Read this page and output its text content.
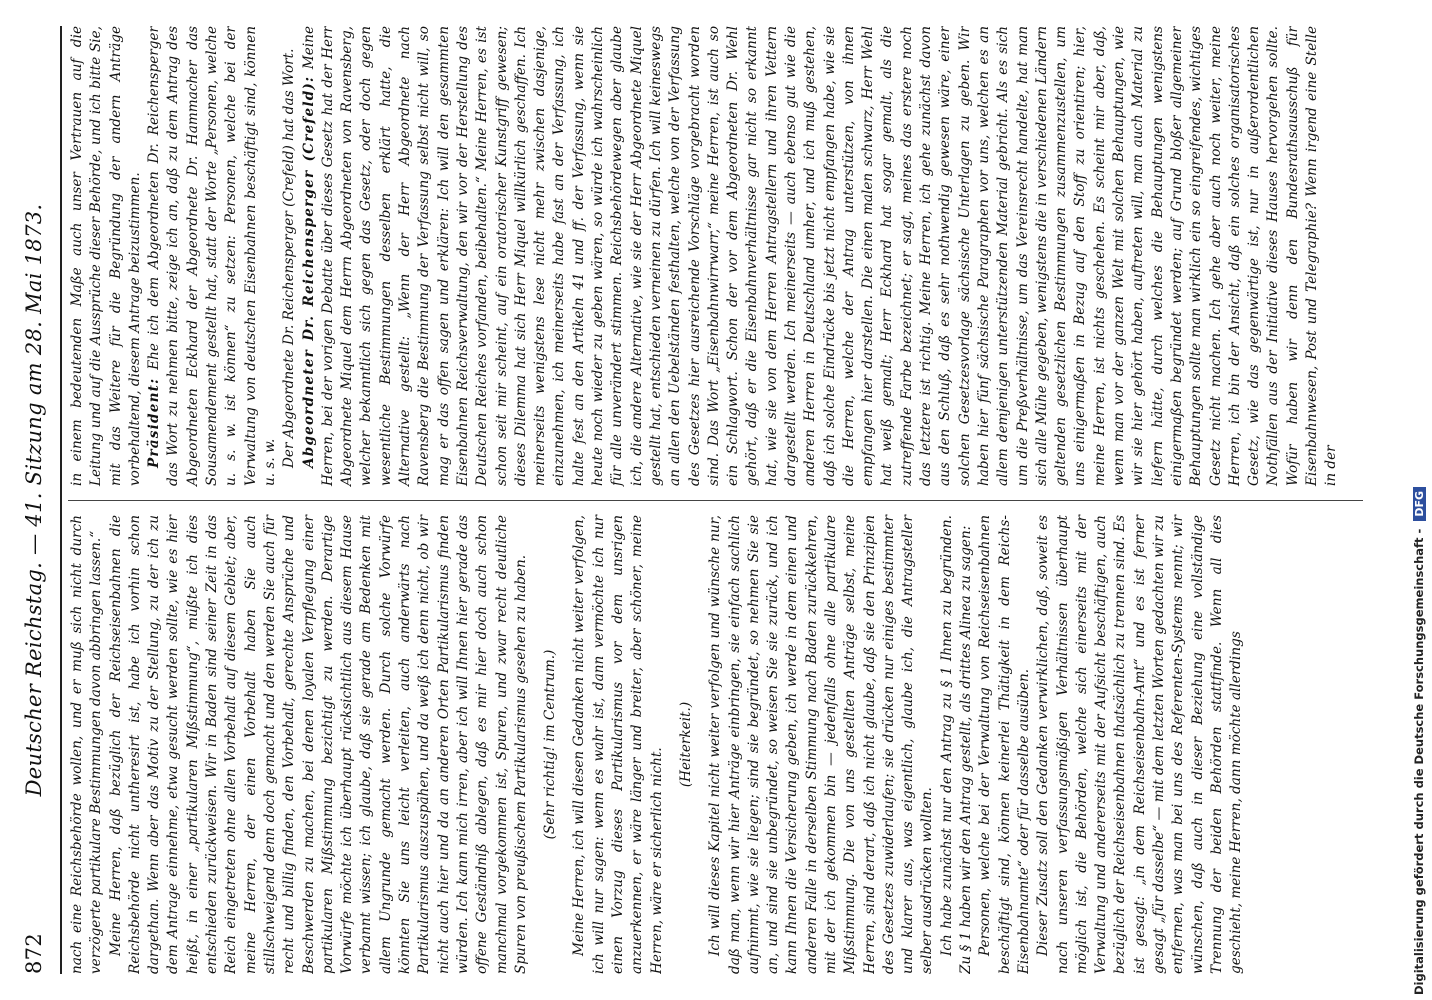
872
Deutscher Reichstag. — 41. Sitzung am 28. Mai 1873. nach eine Reichsbehörde wollen, und er muß sich nicht durch verzögerte partikulare Bestimmungen davon abbringen lassen.“ Meine Herren, daß bezüglich der Reichseisenbahnen die Reichsbehörde nicht untheresirt ist, habe ich vorhin schon dargethan. Wenn aber das Motiv zu der Stellung, zu der ich zu dem Antrage einnehme, etwa gesucht werden sollte, wie es hier heißt, in einer „partikularen Mißstimmung“, müßte ich dies entschieden zurückweisen. Wir in Baden sind seiner Zeit in das Reich eingetreten ohne allen Vorbehalt auf diesem Gebiet; aber, meine Herren, der einen Vorbehalt haben Sie auch stillschweigend denn doch gemacht und den werden Sie auch für recht und billig finden, den Vorbehalt, gerechte Ansprüche und Beschwerden zu machen, bei denen loyalen Verpflegung einer partikularen Mißstimmung bezichtigt zu werden. Derartige Vorwürfe möchte ich überhaupt rücksichtlich aus diesem Hause verbannt wissen; ich glaube, daß sie gerade am Bedenken mit allem Ungrunde gemacht werden. Durch solche Vorwürfe könnten Sie uns leicht verleiten, auch anderwärts nach Partikularismus auszuspähen, und da weiß ich denn nicht, ob wir nicht auch hier und da an anderen Orten Partikularismus finden würden. Ich kann mich irren, aber ich will Ihnen hier gerade das offene Geständniß ablegen, daß es mir hier doch auch schon manchmal vorgekommen ist, Spuren, und zwar recht deutliche Spuren von preußischem Partikularismus gesehen zu haben. (Sehr richtig! im Centrum.) Meine Herren, ich will diesen Gedanken nicht weiter verfolgen, ich will nur sagen: wenn es wahr ist, dann vermöchte ich nur einen Vorzug dieses Partikularismus vor dem unsrigen anzuerkennen, er wäre länger und breiter, aber schöner, meine Herren, wäre er sicherlich nicht.

(Heiterkeit.) Ich will dieses Kapitel nicht weiter verfolgen und wünsche nur, daß man, wenn wir hier Anträge einbringen, sie einfach sachlich aufnimmt, wie sie liegen; sind sie begründet, so nehmen Sie sie an, und sind sie unbegründet, so weisen Sie sie zurück, und ich kann Ihnen die Versicherung geben, ich werde in dem einen und anderen Falle in derselben Stimmung nach Baden zurückkehren, mit der ich gekommen bin — jedenfalls ohne alle partikulare Mißstimmung. Die von uns gestellten Anträge selbst, meine Herren, sind derart, daß ich nicht glaube, daß sie den Prinzipien des Gesetzes zuwiderlaufen; sie drücken nur einiges bestimmter und klarer aus, was eigentlich, glaube ich, die Antragsteller selber ausdrücken wollten. Ich habe zunächst nur den Antrag zu § 1 Ihnen zu begründen. Zu § 1 haben wir den Antrag gestellt, als drittes Alinea zu sagen: Personen, welche bei der Verwaltung von Reichseisenbahnen beschäftigt sind, können keinerlei Thätigkeit in dem Reichs-Eisenbahnamte“ oder für dasselbe ausüben. Dieser Zusatz soll den Gedanken verwirklichen, daß, soweit es nach unseren verfassungsmäßigen Verhältnissen überhaupt möglich ist, die Behörden, welche sich einerseits mit der Verwaltung und andererseits mit der Aufsicht beschäftigen, auch bezüglich der Reichseisenbahnen thatsächlich zu trennen sind. Es ist gesagt: „in dem Reichseisenbahn-Amt“ und es ist ferner gesagt „für dasselbe“ — mit dem letzten Worten gedachten wir zu entfernen, was man bei uns des Referenten-Systems nennt; wir wünschen, daß auch in dieser Beziehung eine vollständige Trennung der beiden Behörden stattfinde. Wenn all dies geschieht, meine Herren, dann möchte allerdings

in einem bedeutenden Maße auch unser Vertrauen auf die Leitung und auf die Aussprüche dieser Behörde, und ich bitte Sie, mit das Weitere für die Begründung der andern Anträge vorbehaltend, diesem Antrage beizustimmen. Präsident: Ehe ich dem Abgeordneten Dr. Reichensperger das Wort zu nehmen bitte, zeige ich an, daß zu dem Antrag des Abgeordneten Eckhard der Abgeordnete Dr. Hammacher das Sousamendement gestellt hat, statt der Worte „Personen, welche u. s. w. ist können“ zu setzen: Personen, welche bei der Verwaltung von deutschen Eisenbahnen beschäftigt sind, können u. s. w. Der Abgeordnete Dr. Reichensperger (Crefeld) hat das Wort. Abgeordneter Dr. Reichensperger (Crefeld): Meine Herren, bei der vorigen Debatte über dieses Gesetz hat der Herr Abgeordnete Miquel dem Herrn Abgeordneten von Ravensberg, welcher bekanntlich sich gegen das Gesetz, oder doch gegen wesentliche Bestimmungen desselben erklärt hatte, die Alternative gestellt: „Wenn der Herr Abgeordnete nach Ravensberg die Bestimmung der Verfassung selbst nicht will, so mag er das offen sagen und erklären: Ich will den gesammten Eisenbahnen Reichsverwaltung, den wir vor der Herstellung des Deutschen Reiches vorfanden, beibehalten.“ Meine Herren, es ist schon seit mir scheint, auf ein oratorischer Kunstgriff gewesen; dieses Dilemma hat sich Herr Miquel willkürlich geschaffen. Ich meinerseits wenigstens lese nicht mehr zwischen dasjenige, einzunehmen, ich meinerseits habe fast an der Verfassung, ich halte fest an den Artikeln 41 und ff. der Verfassung, wenn sie heute noch wieder zu geben wären, so würde ich wahrscheinlich für alle unverändert stimmen. Reichsbehördewegen aber glaube ich, die andere Alternative, wie sie der Herr Abgeordnete Miquel gestellt hat, entschieden verneinen zu dürfen. Ich will keineswegs an allen den Uebelständen festhalten, welche von der Verfassung des Gesetzes hier ausreichende Vorschläge vorgebracht worden sind. Das Wort „Eisenbahnwirrwarr,“ meine Herren, ist auch so ein Schlagwort. Schon der vor dem Abgeordneten Dr. Wehl gehört, daß er die Eisenbahnverhältnisse gar nicht so erkannt hat, wie sie von dem Herren Antragstellern und ihren Vettern dargestellt werden. Ich meinerseits — auch ebenso gut wie die anderen Herren in Deutschland umher, und ich muß gestehen, daß ich solche Eindrücke bis jetzt nicht empfangen habe, wie sie die Herren, welche der Antrag unterstützen, von ihnen empfangen hier darstellen. Die einen malen schwarz, Herr Wehl hat weiß gemalt; Herr Eckhard hat sogar gemalt, als die zutreffende Farbe bezeichnet; er sagt, meines das erstere noch das letztere ist richtig. Meine Herren, ich gehe zunächst davon aus den Schluß, daß es sehr nothwendig gewesen wäre, einer solchen Gesetzesvorlage sächsische Unterlagen zu geben. Wir haben hier fünf sächsische Paragraphen vor uns, welchen es an allem demjenigen unterstützenden Material gebricht. Als es sich um die Preßverhältnisse, um das Vereinsrecht handelte, hat man sich alle Mühe gegeben, wenigstens die in verschiedenen Ländern geltenden gesetzlichen Bestimmungen zusammenzustellen, um uns einigermaßen in Bezug auf den Stoff zu orientiren; hier, meine Herren, ist nichts geschehen. Es scheint mir aber, daß, wenn man vor der ganzen Welt mit solchen Behauptungen, wie wir sie hier gehört haben, auftreten will, man auch Material zu liefern hätte, durch welches die Behauptungen wenigstens einigermaßen begründet werden; auf Grund bloßer allgemeiner Behauptungen sollte man wirklich ein so eingreifendes, wichtiges Gesetz nicht machen. Ich gehe aber auch noch weiter, meine Herren, ich bin der Ansicht, daß ein solches organisatorisches Gesetz, wie das gegenwärtige ist, nur in außerordentlichen Nothfällen aus der Initiative dieses Hauses hervorgehen sollte. Wofür haben wir denn den Bundesrathsausschuß für Eisenbahnwesen, Post und Telegraphie? Wenn irgend eine Stelle in der

Digitalisierung gefördert durch die Deutsche Forschungsgemeinschaft - DFG
